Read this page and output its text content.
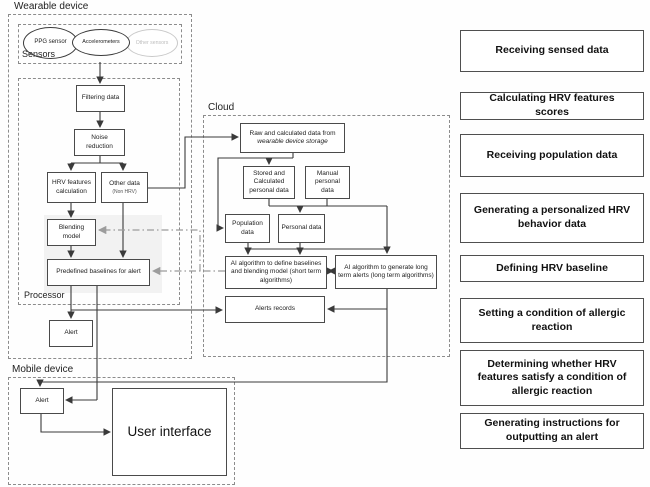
Wearable device
Sensors
Processor
Cloud
Mobile device
PPG sensor	Accelerometers	Other sensors
Filtering data
Noise reduction
HRV features calculation
Other data
(Non HRV)
Blending model
Predefined baselines for alert
Alert
Raw and calculated data from
wearable device storage
Stored and Calculated personal data
Manual personal data
Population data
Personal data
AI algorithm to define baselines and blending model (short term algorithms)
AI algorithm to generate long term alerts (long term algorithms)
Alerts records
Alert
User interface
Receiving sensed data
Calculating HRV features scores
Receiving population data
Generating a personalized HRV behavior data
Defining HRV baseline
Setting a condition of allergic reaction
Determining whether HRV features satisfy a condition of allergic reaction
Generating instructions for outputting an alert
